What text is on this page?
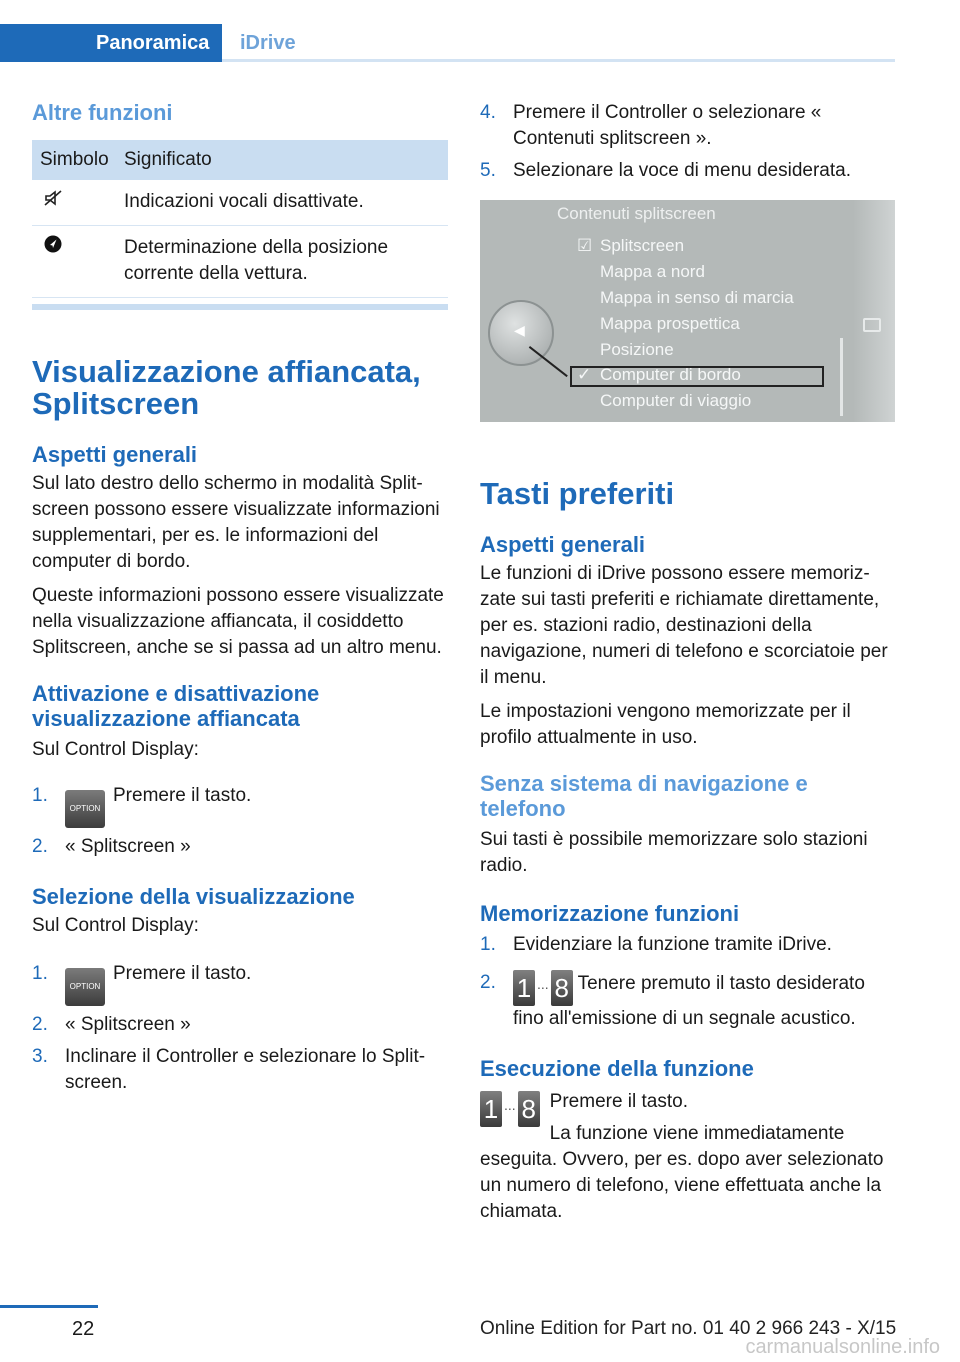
Panoramica	iDrive
Altre funzioni
Simbolo	Significato
	Indicazioni vocali disattivate.
	Determinazione della posizione corrente della vettura.
Visualizzazione affiancata, Splitscreen
Aspetti generali

Sul lato destro dello schermo in modalità Splitscreen possono essere visualizzate informazioni supplementari, per es. le informazioni del computer di bordo.

Queste informazioni possono essere visualizzate nella visualizzazione affiancata, il cosiddetto Splitscreen, anche se si passa ad un altro menu.

Attivazione e disattivazione visualizzazione affiancata

Sul Control Display:

1.
OPTIONPremere il tasto.
2. « Splitscreen »
Selezione della visualizzazione

Sul Control Display:

1.
OPTIONPremere il tasto.
2. « Splitscreen »
3. Inclinare il Controller e selezionare lo Splitscreen.
4. Premere il Controller o selezionare « Contenuti splitscreen ».
5. Selezionare la voce di menu desiderata.
Contenuti splitscreen
◀
☑ Splitscreen
Mappa a nord
Mappa in senso di marcia
Mappa prospettica
Posizione
✓ Computer di bordo
Computer di viaggio
Tasti preferiti
Aspetti generali

Le funzioni di iDrive possono essere memorizzate sui tasti preferiti e richiamate direttamente, per es. stazioni radio, destinazioni della navigazione, numeri di telefono e scorciatoie per il menu.

Le impostazioni vengono memorizzate per il profilo attualmente in uso.

Senza sistema di navigazione e telefono

Sui tasti è possibile memorizzare solo stazioni radio.

Memorizzazione funzioni
1. Evidenziare la funzione tramite iDrive.
2. 1 ... 8 Tenere premuto il tasto desiderato fino all'emissione di un segnale acustico.
Esecuzione della funzione
1 ... 8 Premere il tasto.

La funzione viene immediatamente eseguita. Ovvero, per es. dopo aver selezionato un numero di telefono, viene effettuata anche la chiamata.

22	Online Edition for Part no. 01 40 2 966 243 - X/15
carmanualsonline.info
